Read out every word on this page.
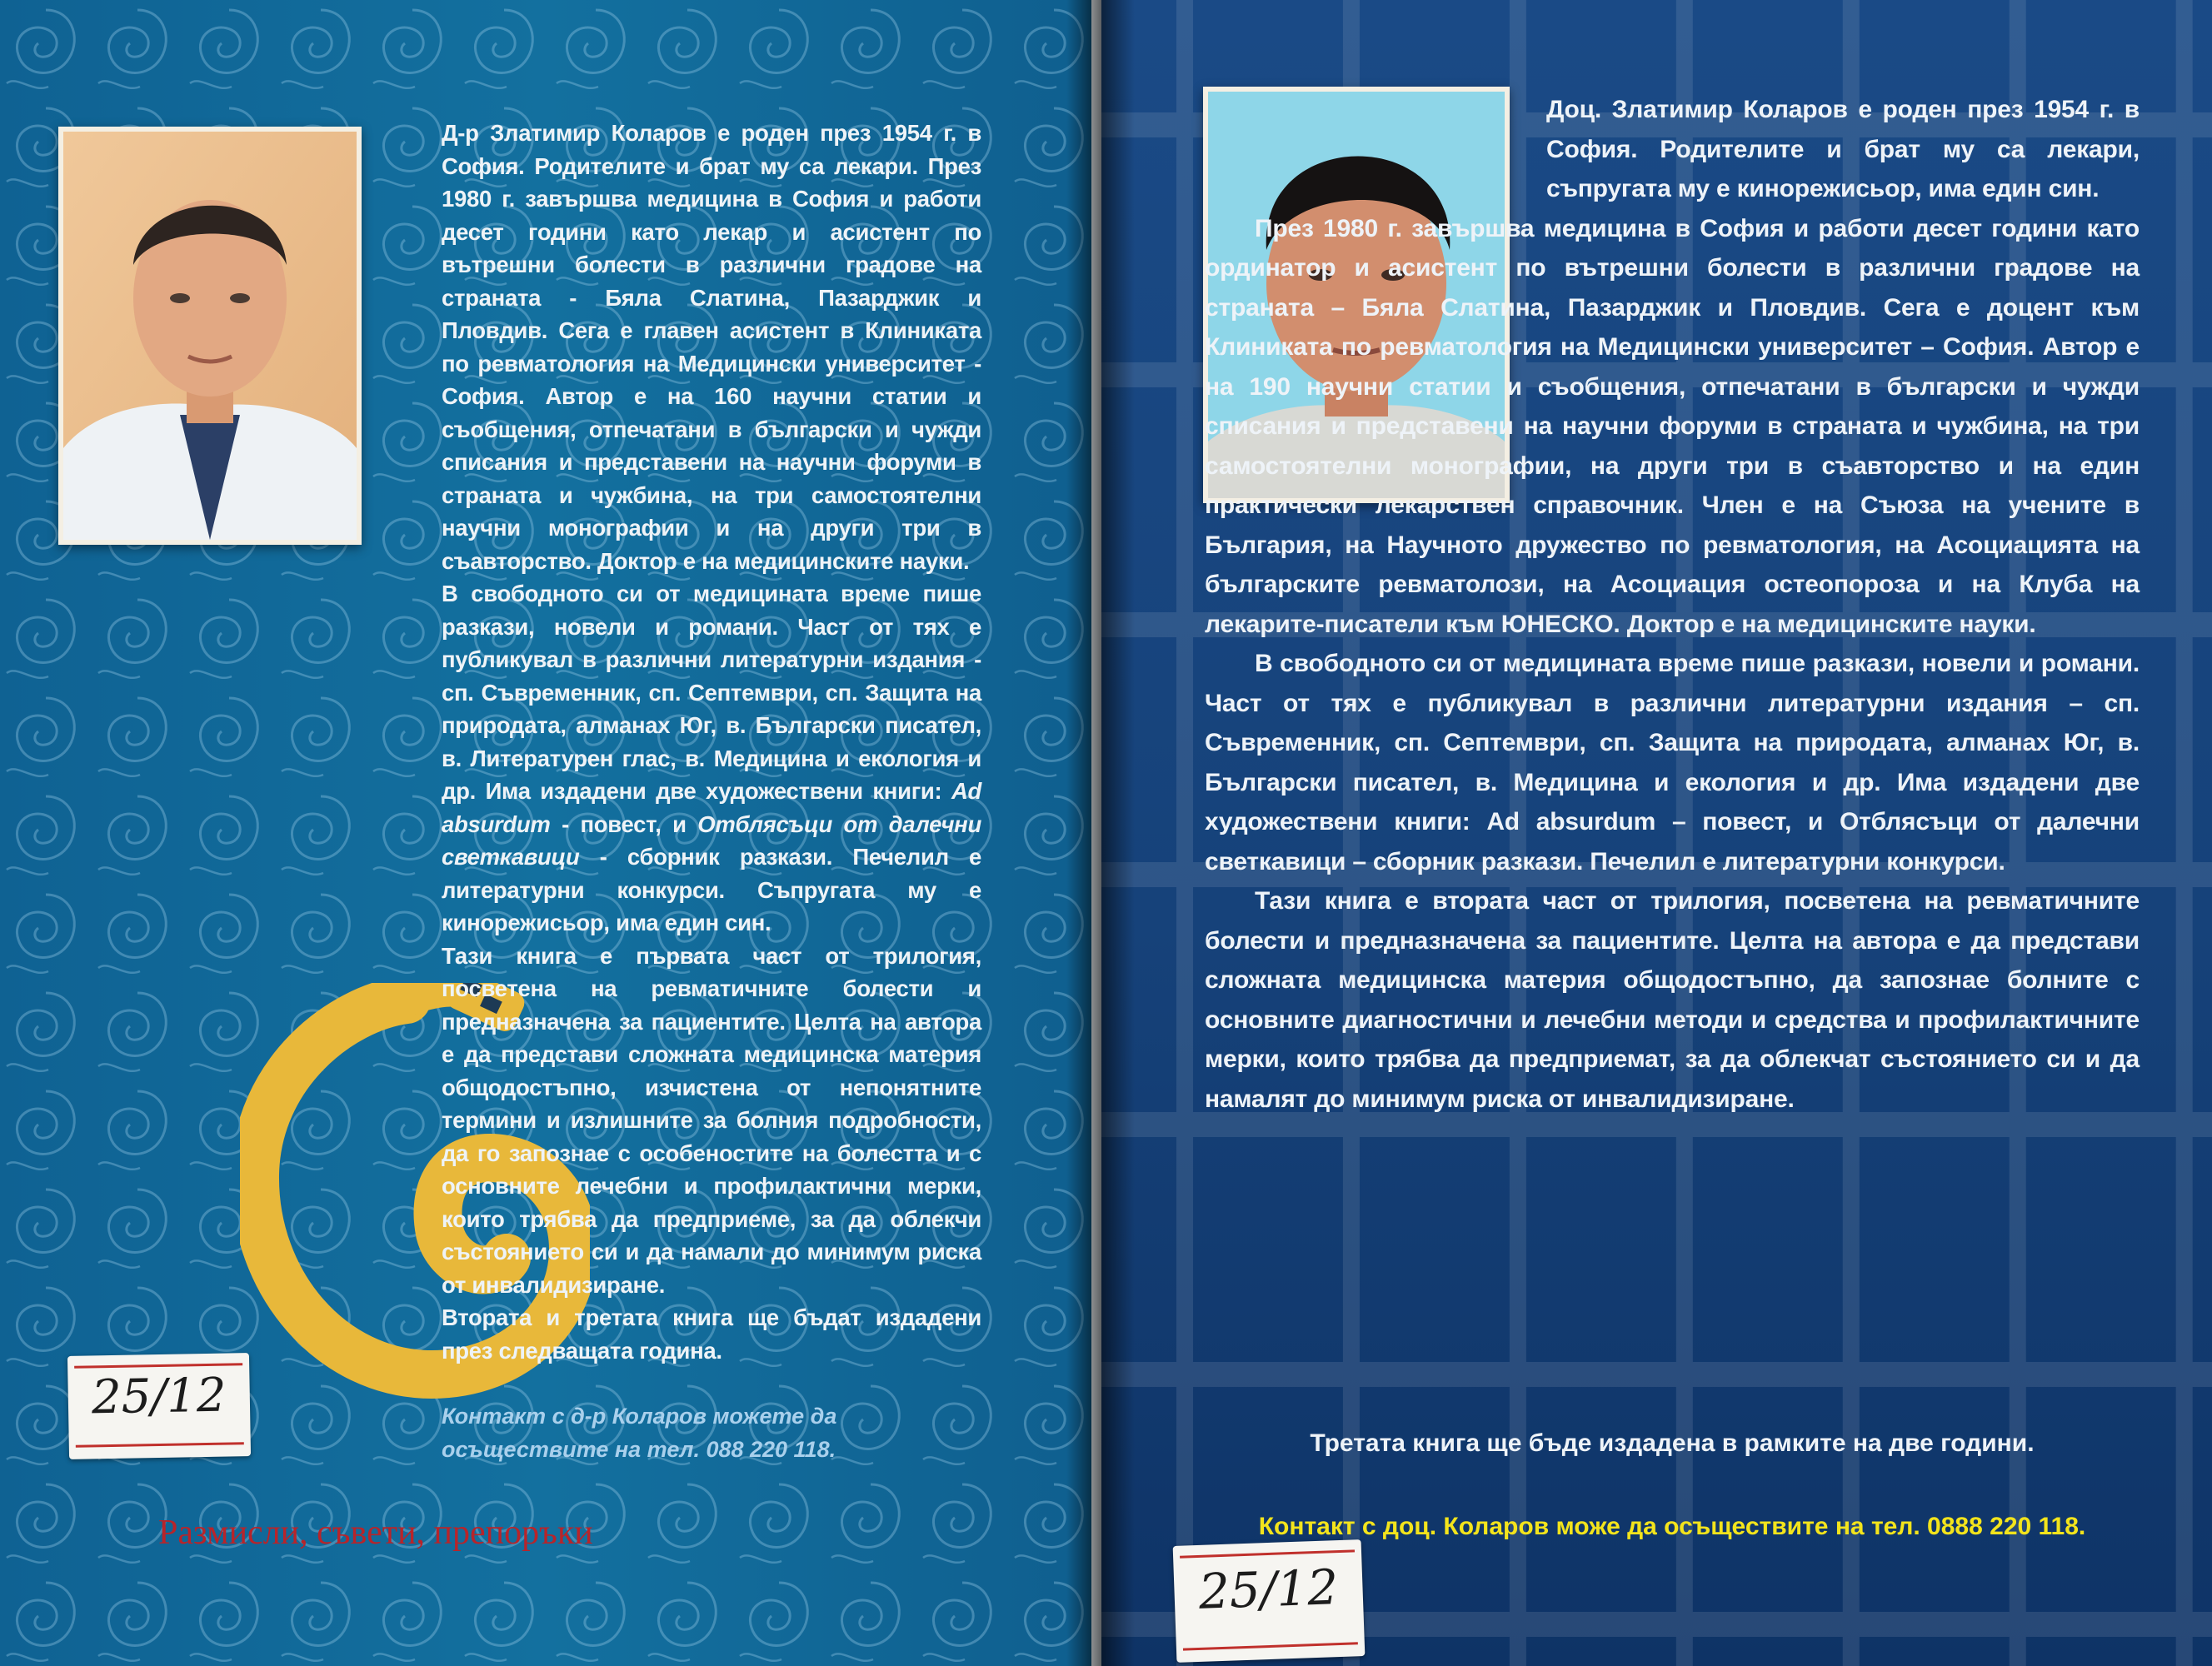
Д-р Златимир Коларов е роден през 1954 г. в София. Родителите и брат му са лекари. През 1980 г. завършва медицина в София и работи десет години като лекар и асистент по вътрешни болести в различни градове на страната - Бяла Слатина, Пазарджик и Пловдив. Сега е главен асистент в Клиниката по ревматология на Медицински университет - София. Автор е на 160 научни статии и съобщения, отпечатани в български и чужди списания и представени на научни форуми в страната и чужбина, на три самостоятелни научни монографии и на други три в съавторство. Доктор е на медицинските науки.

В свободното си от медицината време пише разкази, новели и романи. Част от тях е публикувал в различни литературни издания - сп. Съвременник, сп. Септември, сп. Защита на природата, алманах Юг, в. Български писател, в. Литературен глас, в. Медицина и екология и др. Има издадени две художествени книги: Ad absurdum - повест, и Отблясъци от далечни светкавици - сборник разкази. Печелил е литературни конкурси. Съпругата му е кинорежисьор, има един син.

Тази книга е първата част от трилогия, посветена на ревматичните болести и предназначена за пациентите. Целта на автора е да представи сложната медицинска материя общодостъпно, изчистена от непонятните термини и излишните за болния подробности, да го запознае с особеностите на болестта и с основните лечебни и профилактични мерки, които трябва да предприеме, за да облекчи състоянието си и да намали до минимум риска от инвалидизиране.

Втората и третата книга ще бъдат издадени през следващата година.

Контакт с д-р Коларов можете да осъществите на тел. 088 220 118.
Размисли, съвети, препоръки
25/12

Доц. Златимир Коларов е роден през 1954 г. в София. Родителите и брат му са лекари, съпругата му е кинорежисьор, има един син.

През 1980 г. завършва медицина в София и работи десет години като ординатор и асистент по вътрешни болести в различни градове на страната – Бяла Слатина, Пазарджик и Пловдив. Сега е доцент към Клиниката по ревматология на Медицински университет – София. Автор е на 190 научни статии и съобщения, отпечатани в български и чужди списания и представени на научни форуми в страната и чужбина, на три самостоятелни монографии, на други три в съавторство и на един практически лекарствен справочник. Член е на Съюза на учените в България, на Научното дружество по ревматология, на Асоциацията на българските ревматолози, на Асоциация остеопороза и на Клуба на лекарите-писатели към ЮНЕСКО. Доктор е на медицинските науки.

В свободното си от медицината време пише разкази, новели и романи. Част от тях е публикувал в различни литературни издания – сп. Съвременник, сп. Септември, сп. Защита на природата, алманах Юг, в. Български писател, в. Медицина и екология и др. Има издадени две художествени книги: Ad absurdum – повест, и Отблясъци от далечни светкавици – сборник разкази. Печелил е литературни конкурси.

Тази книга е втората част от трилогия, посветена на ревматичните болести и предназначена за пациентите. Целта на автора е да представи сложната медицинска материя общодостъпно, да запознае болните с основните диагностични и лечебни методи и средства и профилактичните мерки, които трябва да предприемат, за да облекчат състоянието си и да намалят до минимум риска от инвалидизиране.

Третата книга ще бъде издадена в рамките на две години.
Контакт с доц. Коларов може да осъществите на тел. 0888 220 118.
25/12
